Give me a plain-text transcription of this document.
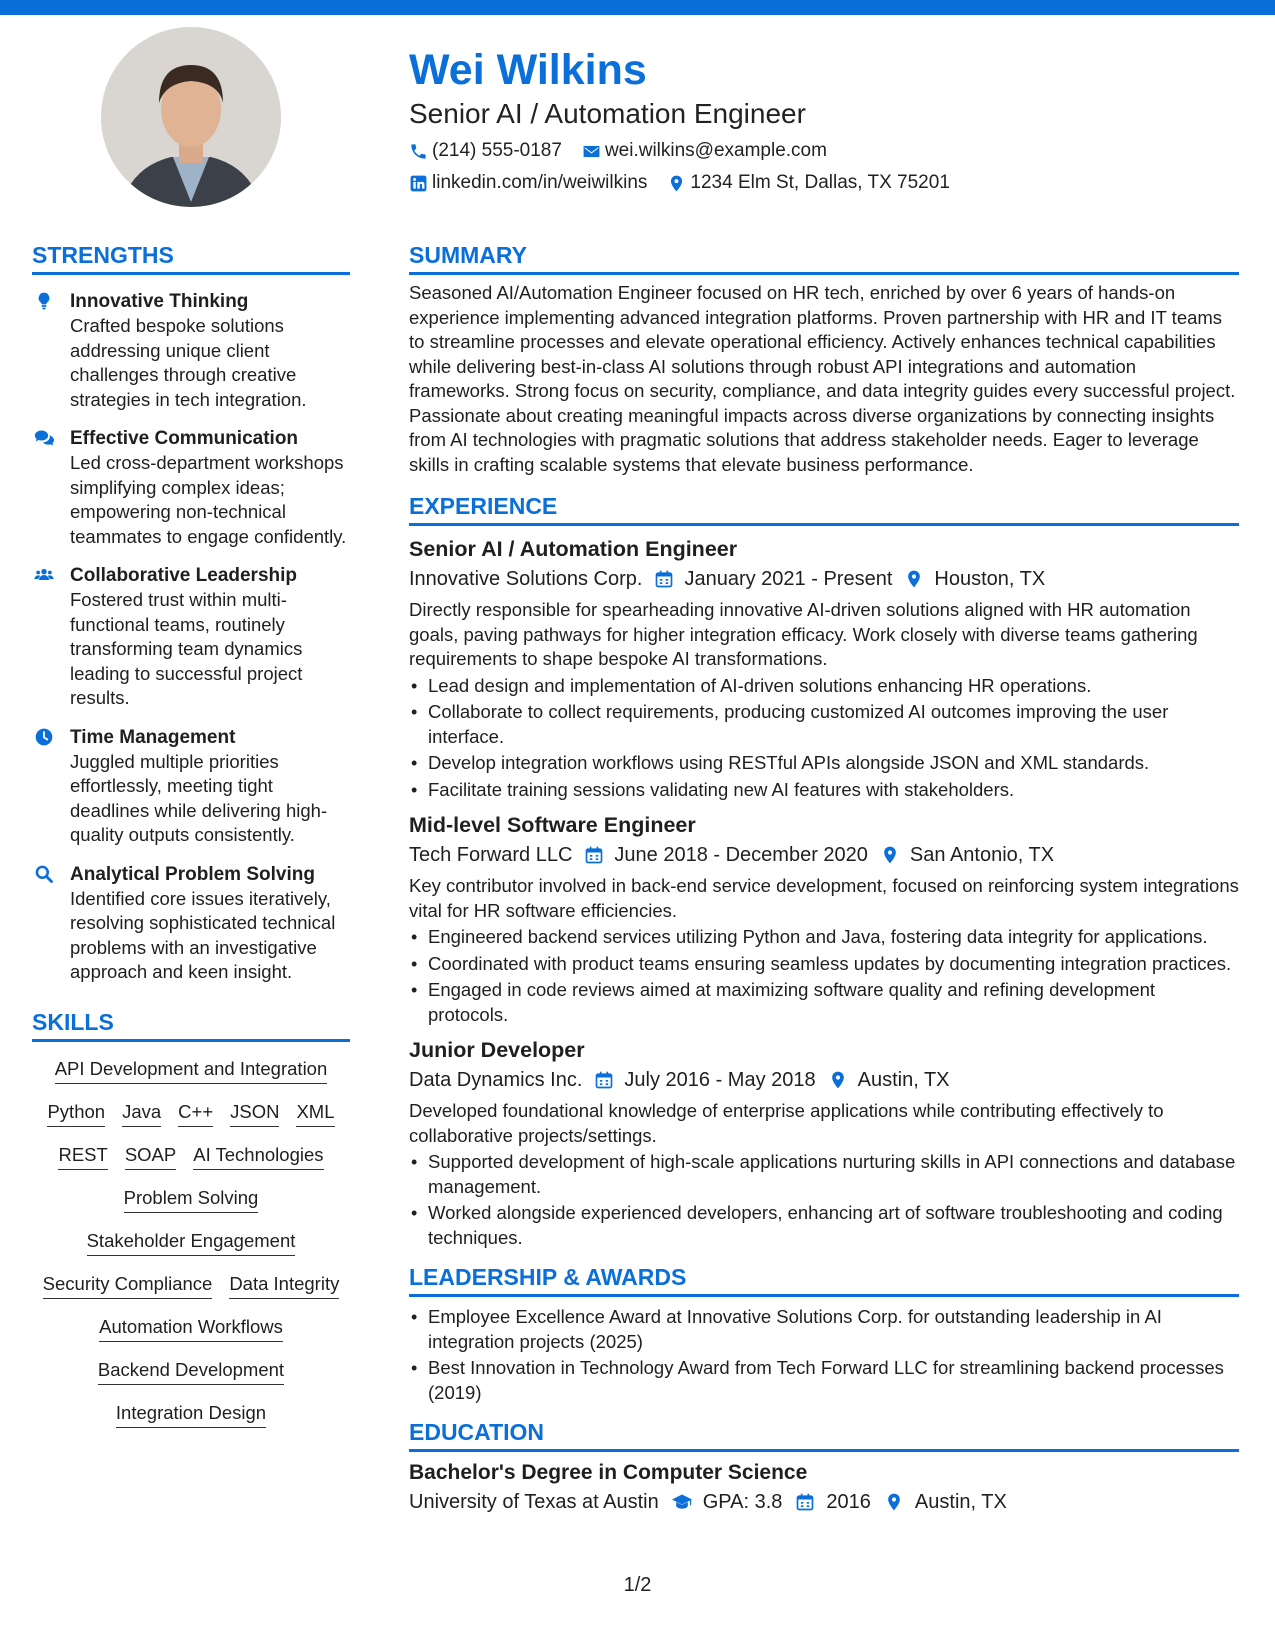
Wei Wilkins
Senior AI / Automation Engineer
(214) 555-0187 wei.wilkins@example.com
linkedin.com/in/weiwilkins 1234 Elm St, Dallas, TX 75201
STRENGTHS
Innovative Thinking
Crafted bespoke solutions addressing unique client challenges through creative strategies in tech integration.
Effective Communication
Led cross-department workshops simplifying complex ideas; empowering non-technical teammates to engage confidently.
Collaborative Leadership
Fostered trust within multi-functional teams, routinely transforming team dynamics leading to successful project results.
Time Management
Juggled multiple priorities effortlessly, meeting tight deadlines while delivering high-quality outputs consistently.
Analytical Problem Solving
Identified core issues iteratively, resolving sophisticated technical problems with an investigative approach and keen insight.
SKILLS
API Development and Integration
Python Java C++ JSON XML
REST SOAP AI Technologies
Problem Solving
Stakeholder Engagement
Security Compliance Data Integrity
Automation Workflows
Backend Development
Integration Design
SUMMARY
Seasoned AI/Automation Engineer focused on HR tech, enriched by over 6 years of hands-on experience implementing advanced integration platforms. Proven partnership with HR and IT teams to streamline processes and elevate operational efficiency. Actively enhances technical capabilities while delivering best-in-class AI solutions through robust API integrations and automation frameworks. Strong focus on security, compliance, and data integrity guides every successful project. Passionate about creating meaningful impacts across diverse organizations by connecting insights from AI technologies with pragmatic solutions that address stakeholder needs. Eager to leverage skills in crafting scalable systems that elevate business performance.
EXPERIENCE
Senior AI / Automation Engineer
Innovative Solutions Corp. January 2021 - Present Houston, TX
Directly responsible for spearheading innovative AI-driven solutions aligned with HR automation goals, paving pathways for higher integration efficacy. Work closely with diverse teams gathering requirements to shape bespoke AI transformations.
• Lead design and implementation of AI-driven solutions enhancing HR operations.
• Collaborate to collect requirements, producing customized AI outcomes improving the user interface.
• Develop integration workflows using RESTful APIs alongside JSON and XML standards.
• Facilitate training sessions validating new AI features with stakeholders.
Mid-level Software Engineer
Tech Forward LLC June 2018 - December 2020 San Antonio, TX
Key contributor involved in back-end service development, focused on reinforcing system integrations vital for HR software efficiencies.
• Engineered backend services utilizing Python and Java, fostering data integrity for applications.
• Coordinated with product teams ensuring seamless updates by documenting integration practices.
• Engaged in code reviews aimed at maximizing software quality and refining development protocols.
Junior Developer
Data Dynamics Inc. July 2016 - May 2018 Austin, TX
Developed foundational knowledge of enterprise applications while contributing effectively to collaborative projects/settings.
• Supported development of high-scale applications nurturing skills in API connections and database management.
• Worked alongside experienced developers, enhancing art of software troubleshooting and coding techniques.
LEADERSHIP & AWARDS
• Employee Excellence Award at Innovative Solutions Corp. for outstanding leadership in AI integration projects (2025)
• Best Innovation in Technology Award from Tech Forward LLC for streamlining backend processes (2019)
EDUCATION
Bachelor's Degree in Computer Science
University of Texas at Austin GPA: 3.8 2016 Austin, TX
1/2
